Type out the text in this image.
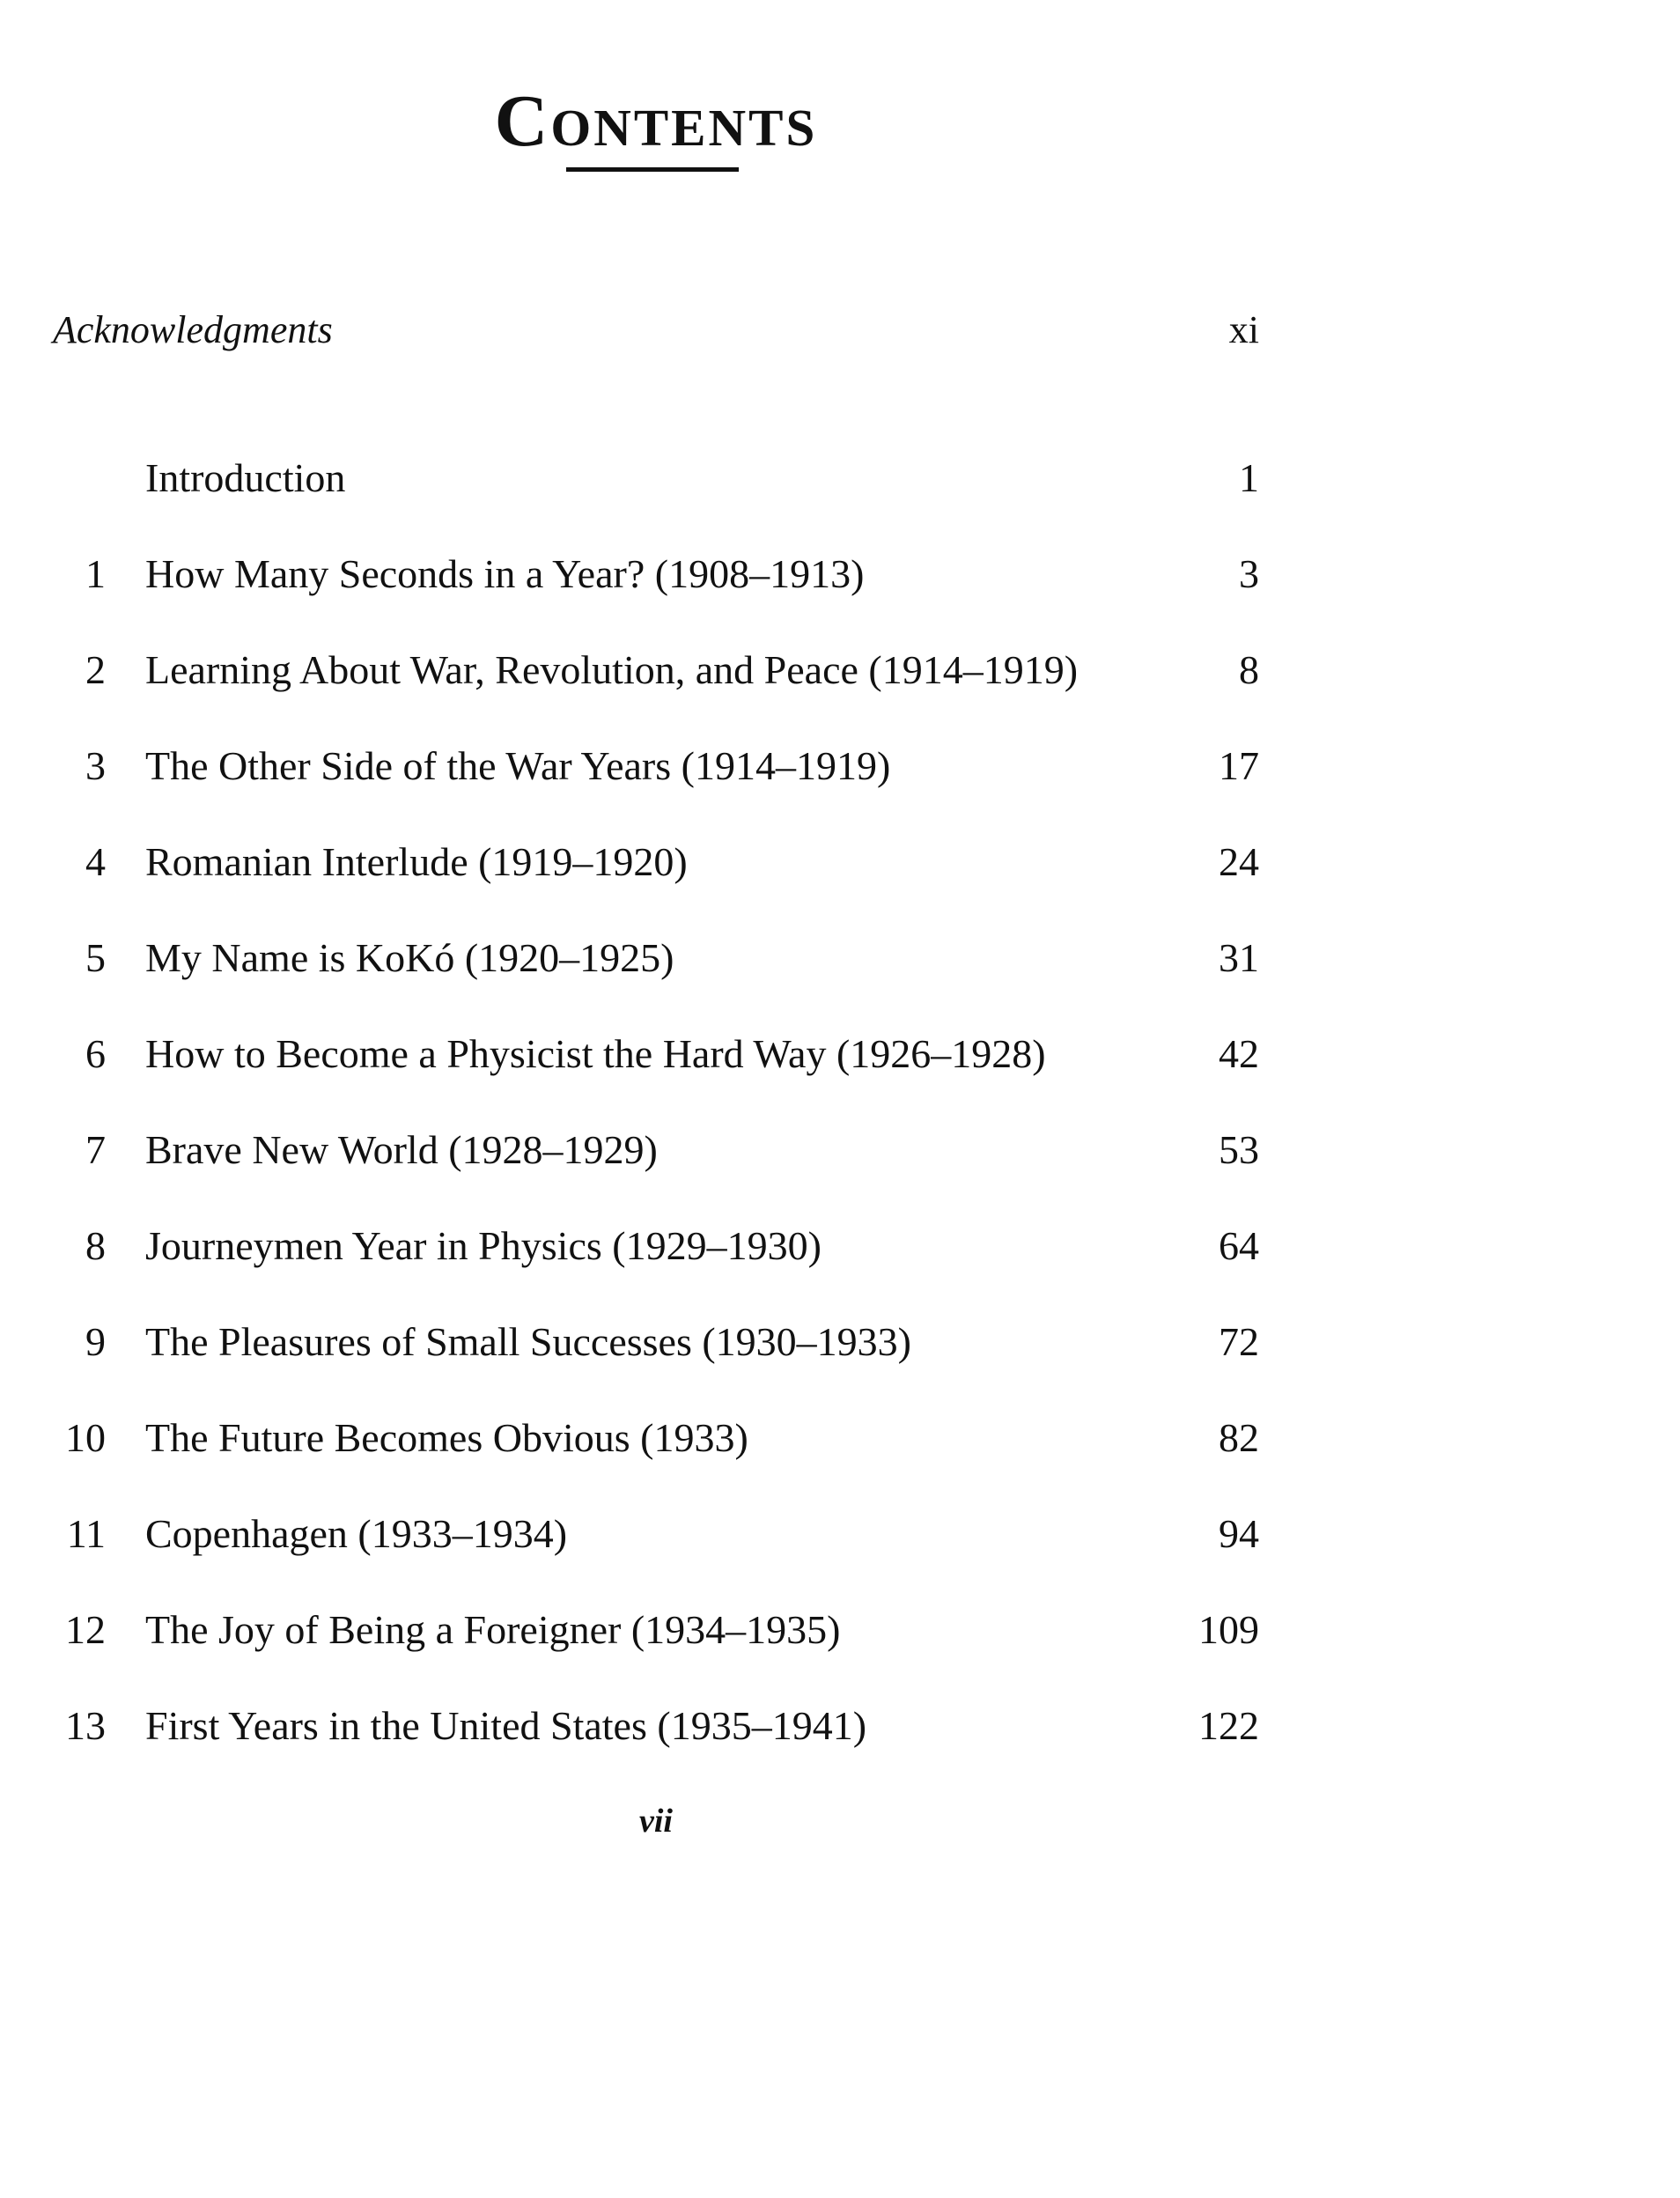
Contents
Acknowledgments	xi
Introduction	1
1 How Many Seconds in a Year? (1908–1913)	3
2 Learning About War, Revolution, and Peace (1914–1919)	8
3 The Other Side of the War Years (1914–1919)	17
4 Romanian Interlude (1919–1920)	24
5 My Name is KoKó (1920–1925)	31
6 How to Become a Physicist the Hard Way (1926–1928)	42
7 Brave New World (1928–1929)	53
8 Journeymen Year in Physics (1929–1930)	64
9 The Pleasures of Small Successes (1930–1933)	72
10 The Future Becomes Obvious (1933)	82
11 Copenhagen (1933–1934)	94
12 The Joy of Being a Foreigner (1934–1935)	109
13 First Years in the United States (1935–1941)	122
vii
